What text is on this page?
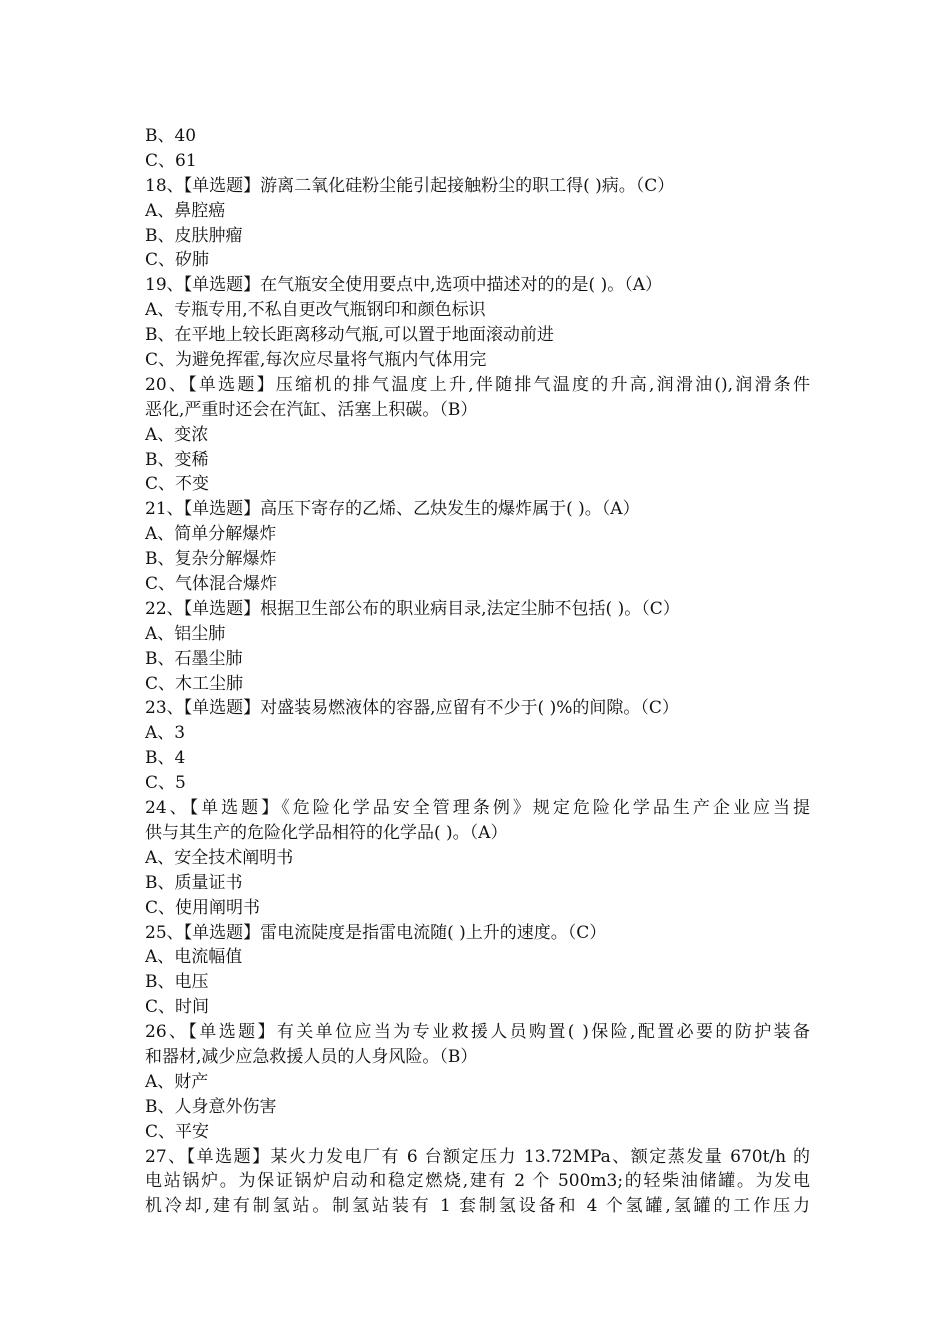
B、40
C、61
18、【单选题】游离二氧化硅粉尘能引起接触粉尘的职工得( )病。（C）
A、鼻腔癌
B、皮肤肿瘤
C、矽肺
19、【单选题】在气瓶安全使用要点中,选项中描述对的的是( )。（A）
A、专瓶专用,不私自更改气瓶钢印和颜色标识
B、在平地上较长距离移动气瓶,可以置于地面滚动前进
C、为避免挥霍,每次应尽量将气瓶内气体用完
20、【单选题】压缩机的排气温度上升,伴随排气温度的升高,润滑油(),润滑条件
恶化,严重时还会在汽缸、活塞上积碳。（B）
A、变浓
B、变稀
C、不变
21、【单选题】高压下寄存的乙烯、乙炔发生的爆炸属于( )。（A）
A、简单分解爆炸
B、复杂分解爆炸
C、气体混合爆炸
22、【单选题】根据卫生部公布的职业病目录,法定尘肺不包括( )。（C）
A、铝尘肺
B、石墨尘肺
C、木工尘肺
23、【单选题】对盛装易燃液体的容器,应留有不少于( )%的间隙。（C）
A、3
B、4
C、5
24、【单选题】《危险化学品安全管理条例》规定危险化学品生产企业应当提
供与其生产的危险化学品相符的化学品( )。（A）
A、安全技术阐明书
B、质量证书
C、使用阐明书
25、【单选题】雷电流陡度是指雷电流随( )上升的速度。（C）
A、电流幅值
B、电压
C、时间
26、【单选题】有关单位应当为专业救援人员购置( )保险,配置必要的防护装备
和器材,减少应急救援人员的人身风险。（B）
A、财产
B、人身意外伤害
C、平安
27、【单选题】某火力发电厂有 6 台额定压力 13.72MPa、额定蒸发量 670t/h 的
电站锅炉。为保证锅炉启动和稳定燃烧,建有 2 个 500m3;的轻柴油储罐。为发电
机冷却,建有制氢站。制氢站装有 1 套制氢设备和 4 个氢罐,氢罐的工作压力
